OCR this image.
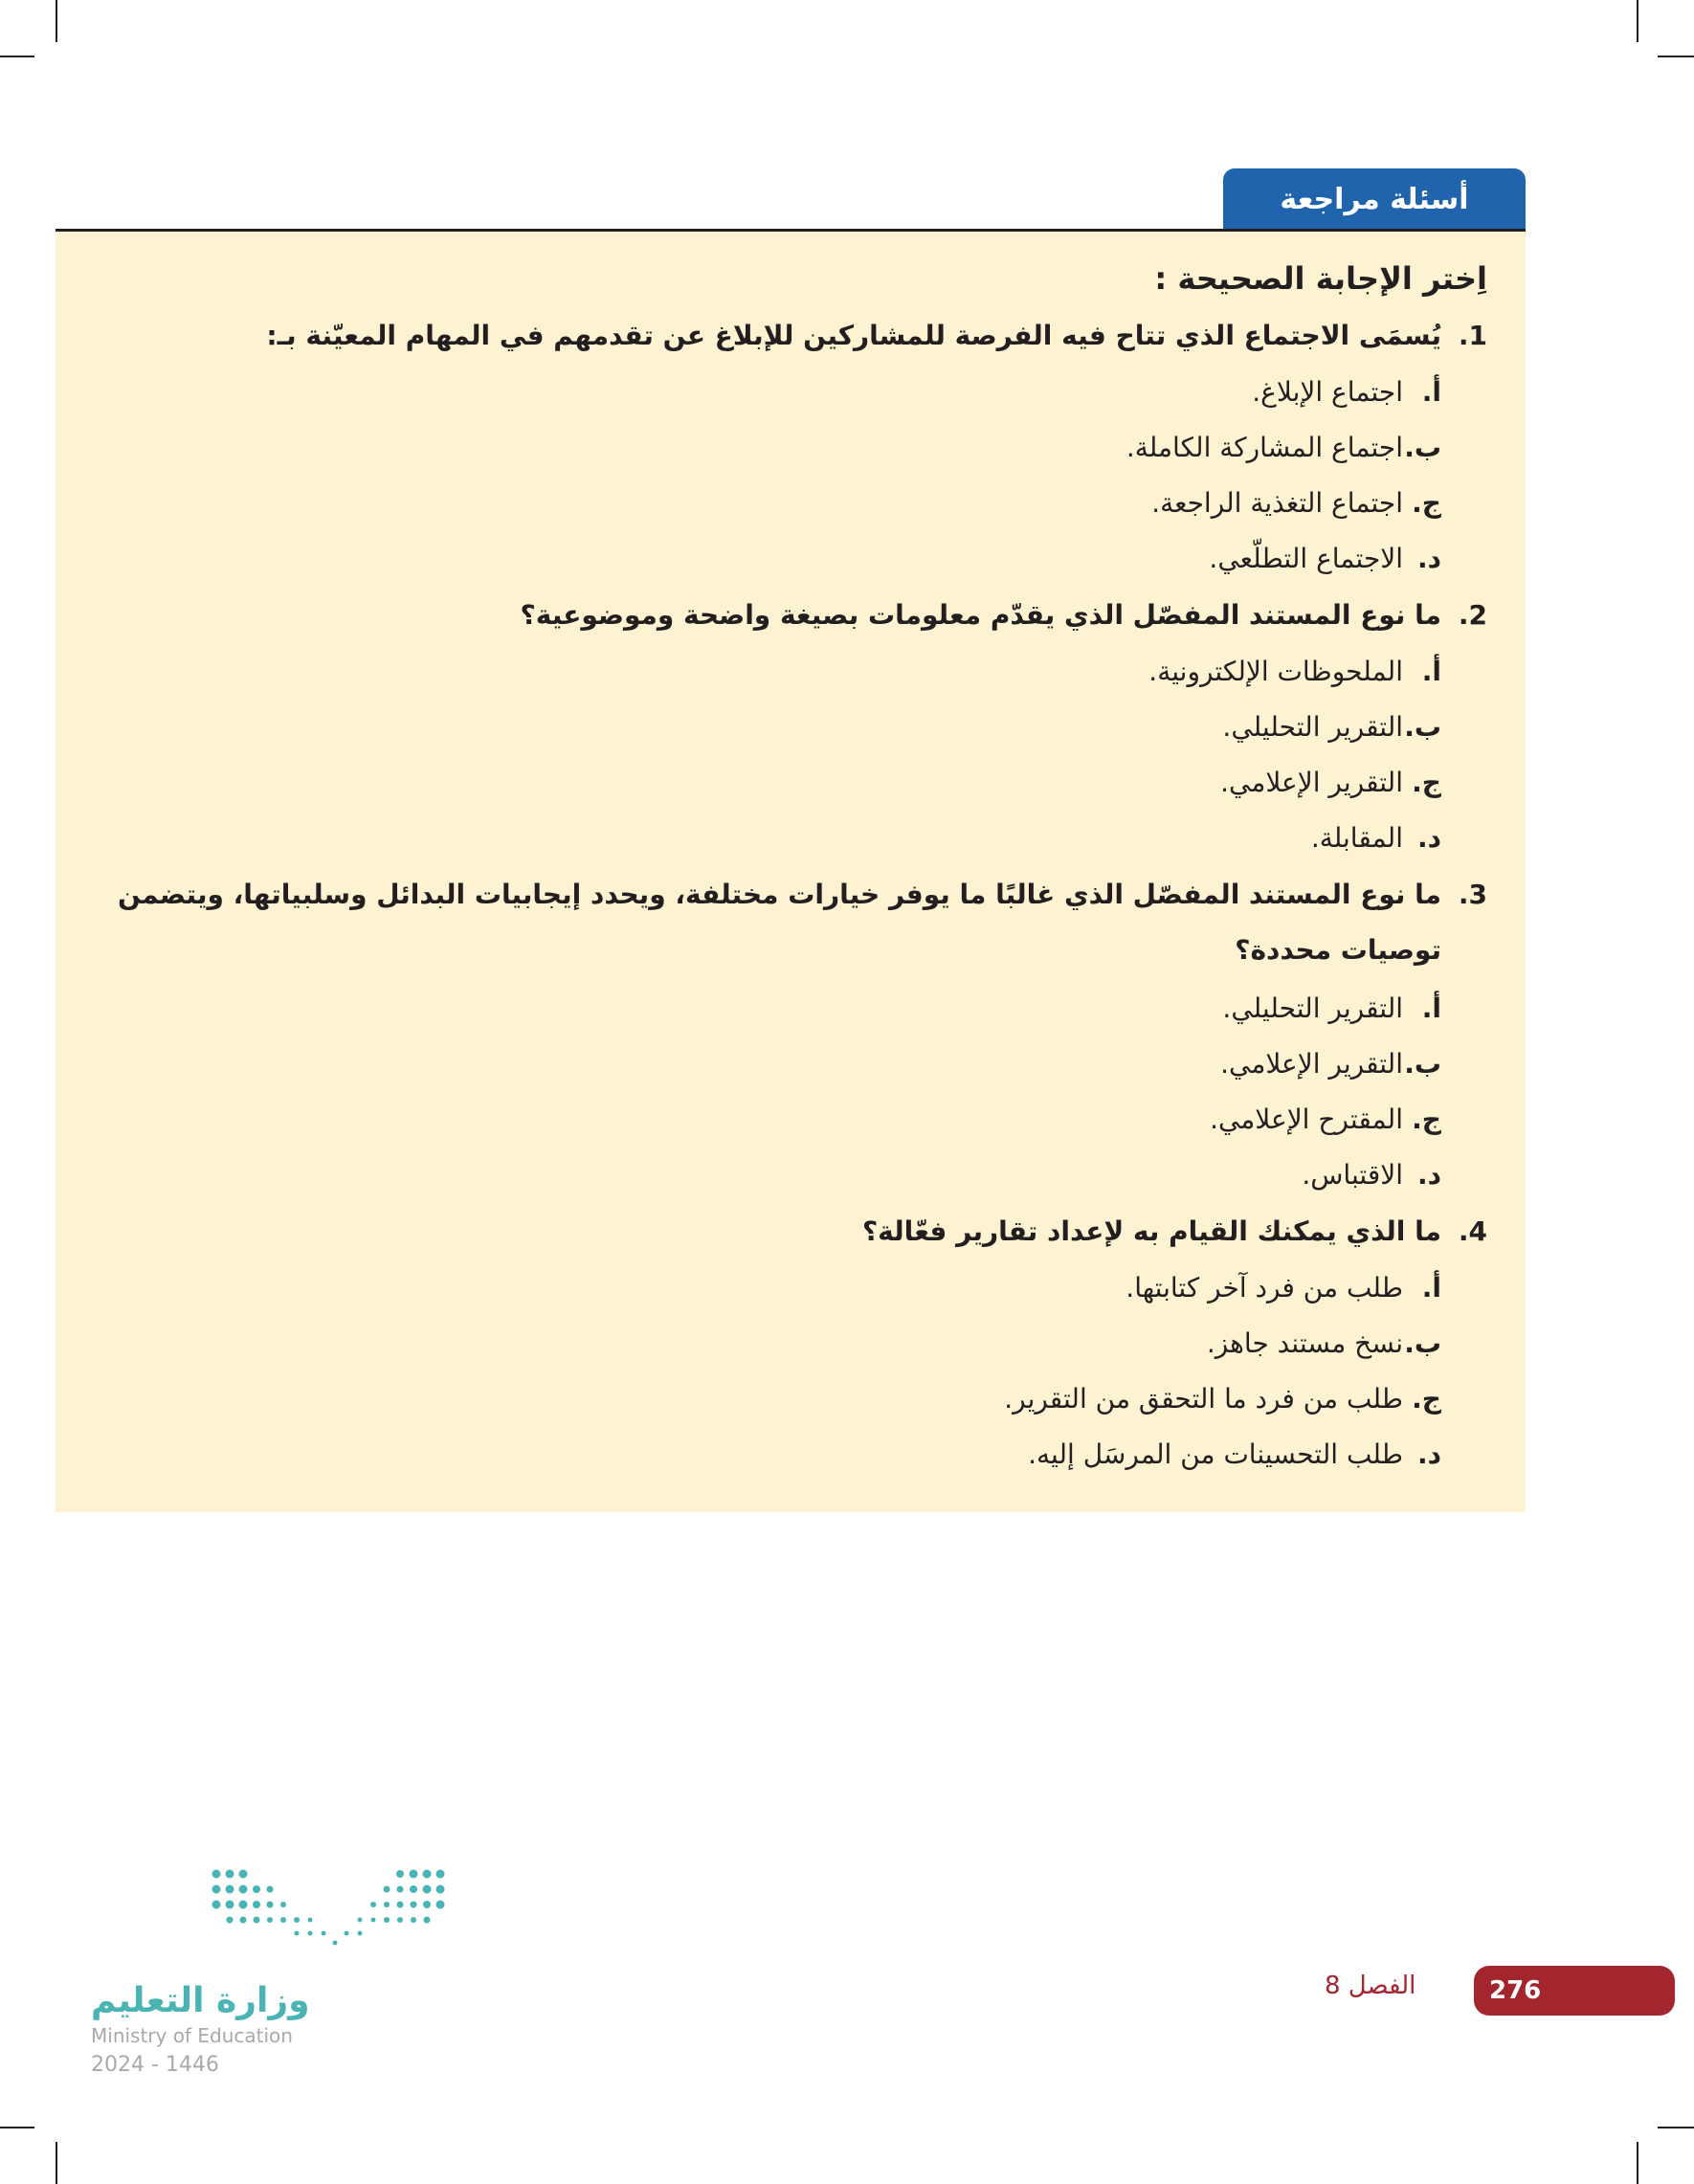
أسئلة مراجعة
اِختر الإجابة الصحيحة :
1.يُسمَى الاجتماع الذي تتاح فيه الفرصة للمشاركين للإبلاغ عن تقدمهم في المهام المعيّنة بـ:
أ.اجتماع الإبلاغ.
ب.اجتماع المشاركة الكاملة.
ج.اجتماع التغذية الراجعة.
د.الاجتماع التطلّعي.
2.ما نوع المستند المفصّل الذي يقدّم معلومات بصيغة واضحة وموضوعية؟
أ.الملحوظات الإلكترونية.
ب.التقرير التحليلي.
ج.التقرير الإعلامي.
د.المقابلة.
3.ما نوع المستند المفصّل الذي غالبًا ما يوفر خيارات مختلفة، ويحدد إيجابيات البدائل وسلبياتها، ويتضمن
توصيات محددة؟
أ.التقرير التحليلي.
ب.التقرير الإعلامي.
ج.المقترح الإعلامي.
د.الاقتباس.
4.ما الذي يمكنك القيام به لإعداد تقارير فعّالة؟
أ.طلب من فرد آخر كتابتها.
ب.نسخ مستند جاهز.
ج.طلب من فرد ما التحقق من التقرير.
د.طلب التحسينات من المرسَل إليه.
وزارة التعليم
Ministry of Education
2024 - 1446
الفصل 8	276
